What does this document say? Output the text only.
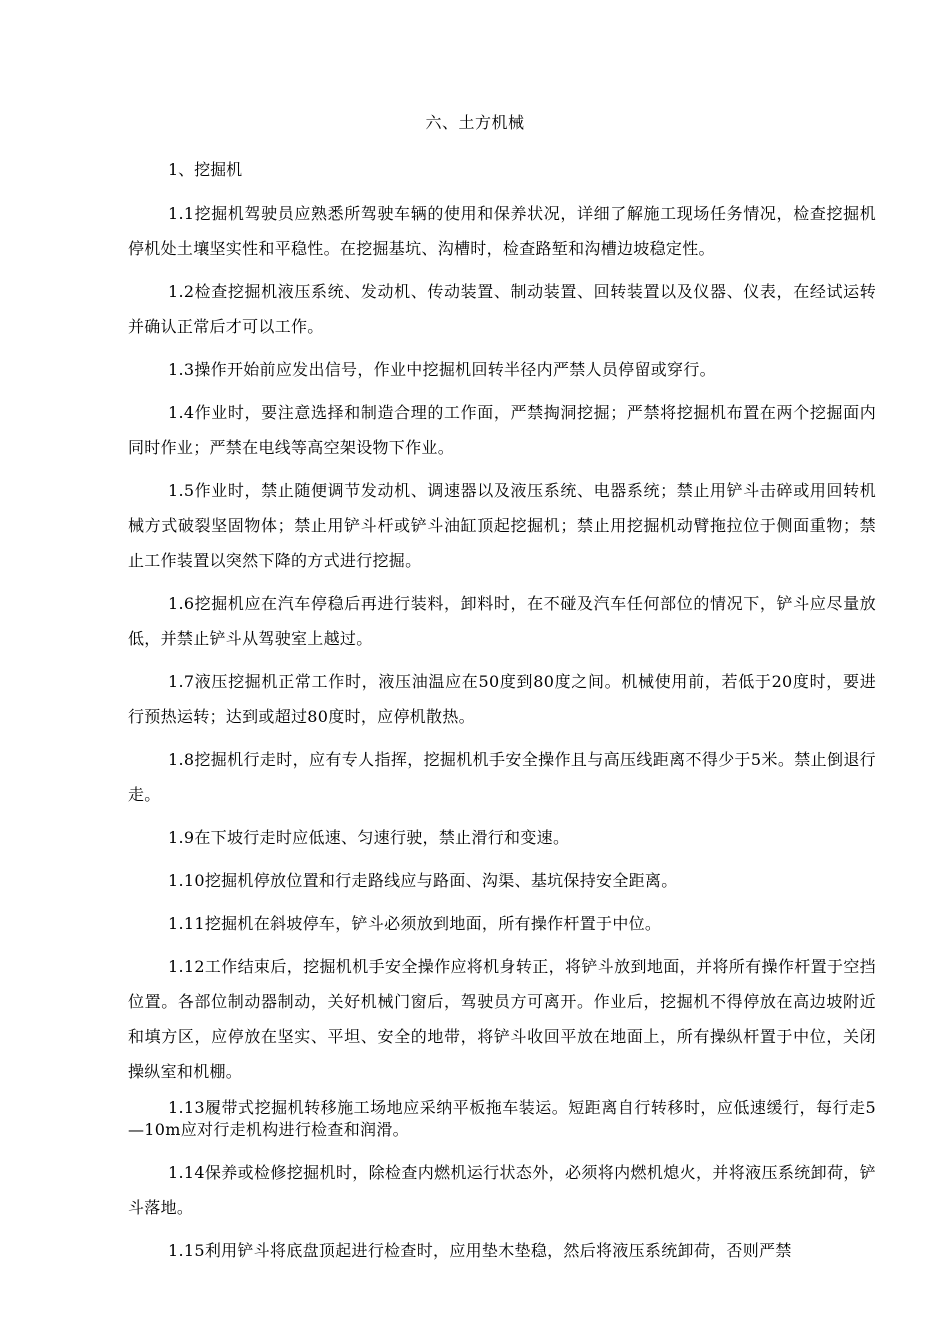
六、土方机械
1、挖掘机

1.1挖掘机驾驶员应熟悉所驾驶车辆的使用和保养状况，详细了解施工现场任务情况，检查挖掘机停机处土壤坚实性和平稳性。在挖掘基坑、沟槽时，检查路堑和沟槽边坡稳定性。

1.2检查挖掘机液压系统、发动机、传动装置、制动装置、回转装置以及仪器、仪表，在经试运转并确认正常后才可以工作。

1.3操作开始前应发出信号，作业中挖掘机回转半径内严禁人员停留或穿行。

1.4作业时，要注意选择和制造合理的工作面，严禁掏洞挖掘；严禁将挖掘机布置在两个挖掘面内同时作业；严禁在电线等高空架设物下作业。

1.5作业时，禁止随便调节发动机、调速器以及液压系统、电器系统；禁止用铲斗击碎或用回转机械方式破裂坚固物体；禁止用铲斗杆或铲斗油缸顶起挖掘机；禁止用挖掘机动臂拖拉位于侧面重物；禁止工作装置以突然下降的方式进行挖掘。

1.6挖掘机应在汽车停稳后再进行装料，卸料时，在不碰及汽车任何部位的情况下，铲斗应尽量放低，并禁止铲斗从驾驶室上越过。

1.7液压挖掘机正常工作时，液压油温应在50度到80度之间。机械使用前，若低于20度时，要进行预热运转；达到或超过80度时，应停机散热。

1.8挖掘机行走时，应有专人指挥，挖掘机机手安全操作且与高压线距离不得少于5米。禁止倒退行走。

1.9在下坡行走时应低速、匀速行驶，禁止滑行和变速。

1.10挖掘机停放位置和行走路线应与路面、沟渠、基坑保持安全距离。

1.11挖掘机在斜坡停车，铲斗必须放到地面，所有操作杆置于中位。

1.12工作结束后，挖掘机机手安全操作应将机身转正，将铲斗放到地面，并将所有操作杆置于空挡位置。各部位制动器制动，关好机械门窗后，驾驶员方可离开。作业后，挖掘机不得停放在高边坡附近和填方区，应停放在坚实、平坦、安全的地带，将铲斗收回平放在地面上，所有操纵杆置于中位，关闭操纵室和机棚。

1.13履带式挖掘机转移施工场地应采纳平板拖车装运。短距离自行转移时，应低速缓行，每行走5—10m应对行走机构进行检查和润滑。

1.14保养或检修挖掘机时，除检查内燃机运行状态外，必须将内燃机熄火，并将液压系统卸荷，铲斗落地。

1.15利用铲斗将底盘顶起进行检查时，应用垫木垫稳，然后将液压系统卸荷，否则严禁
